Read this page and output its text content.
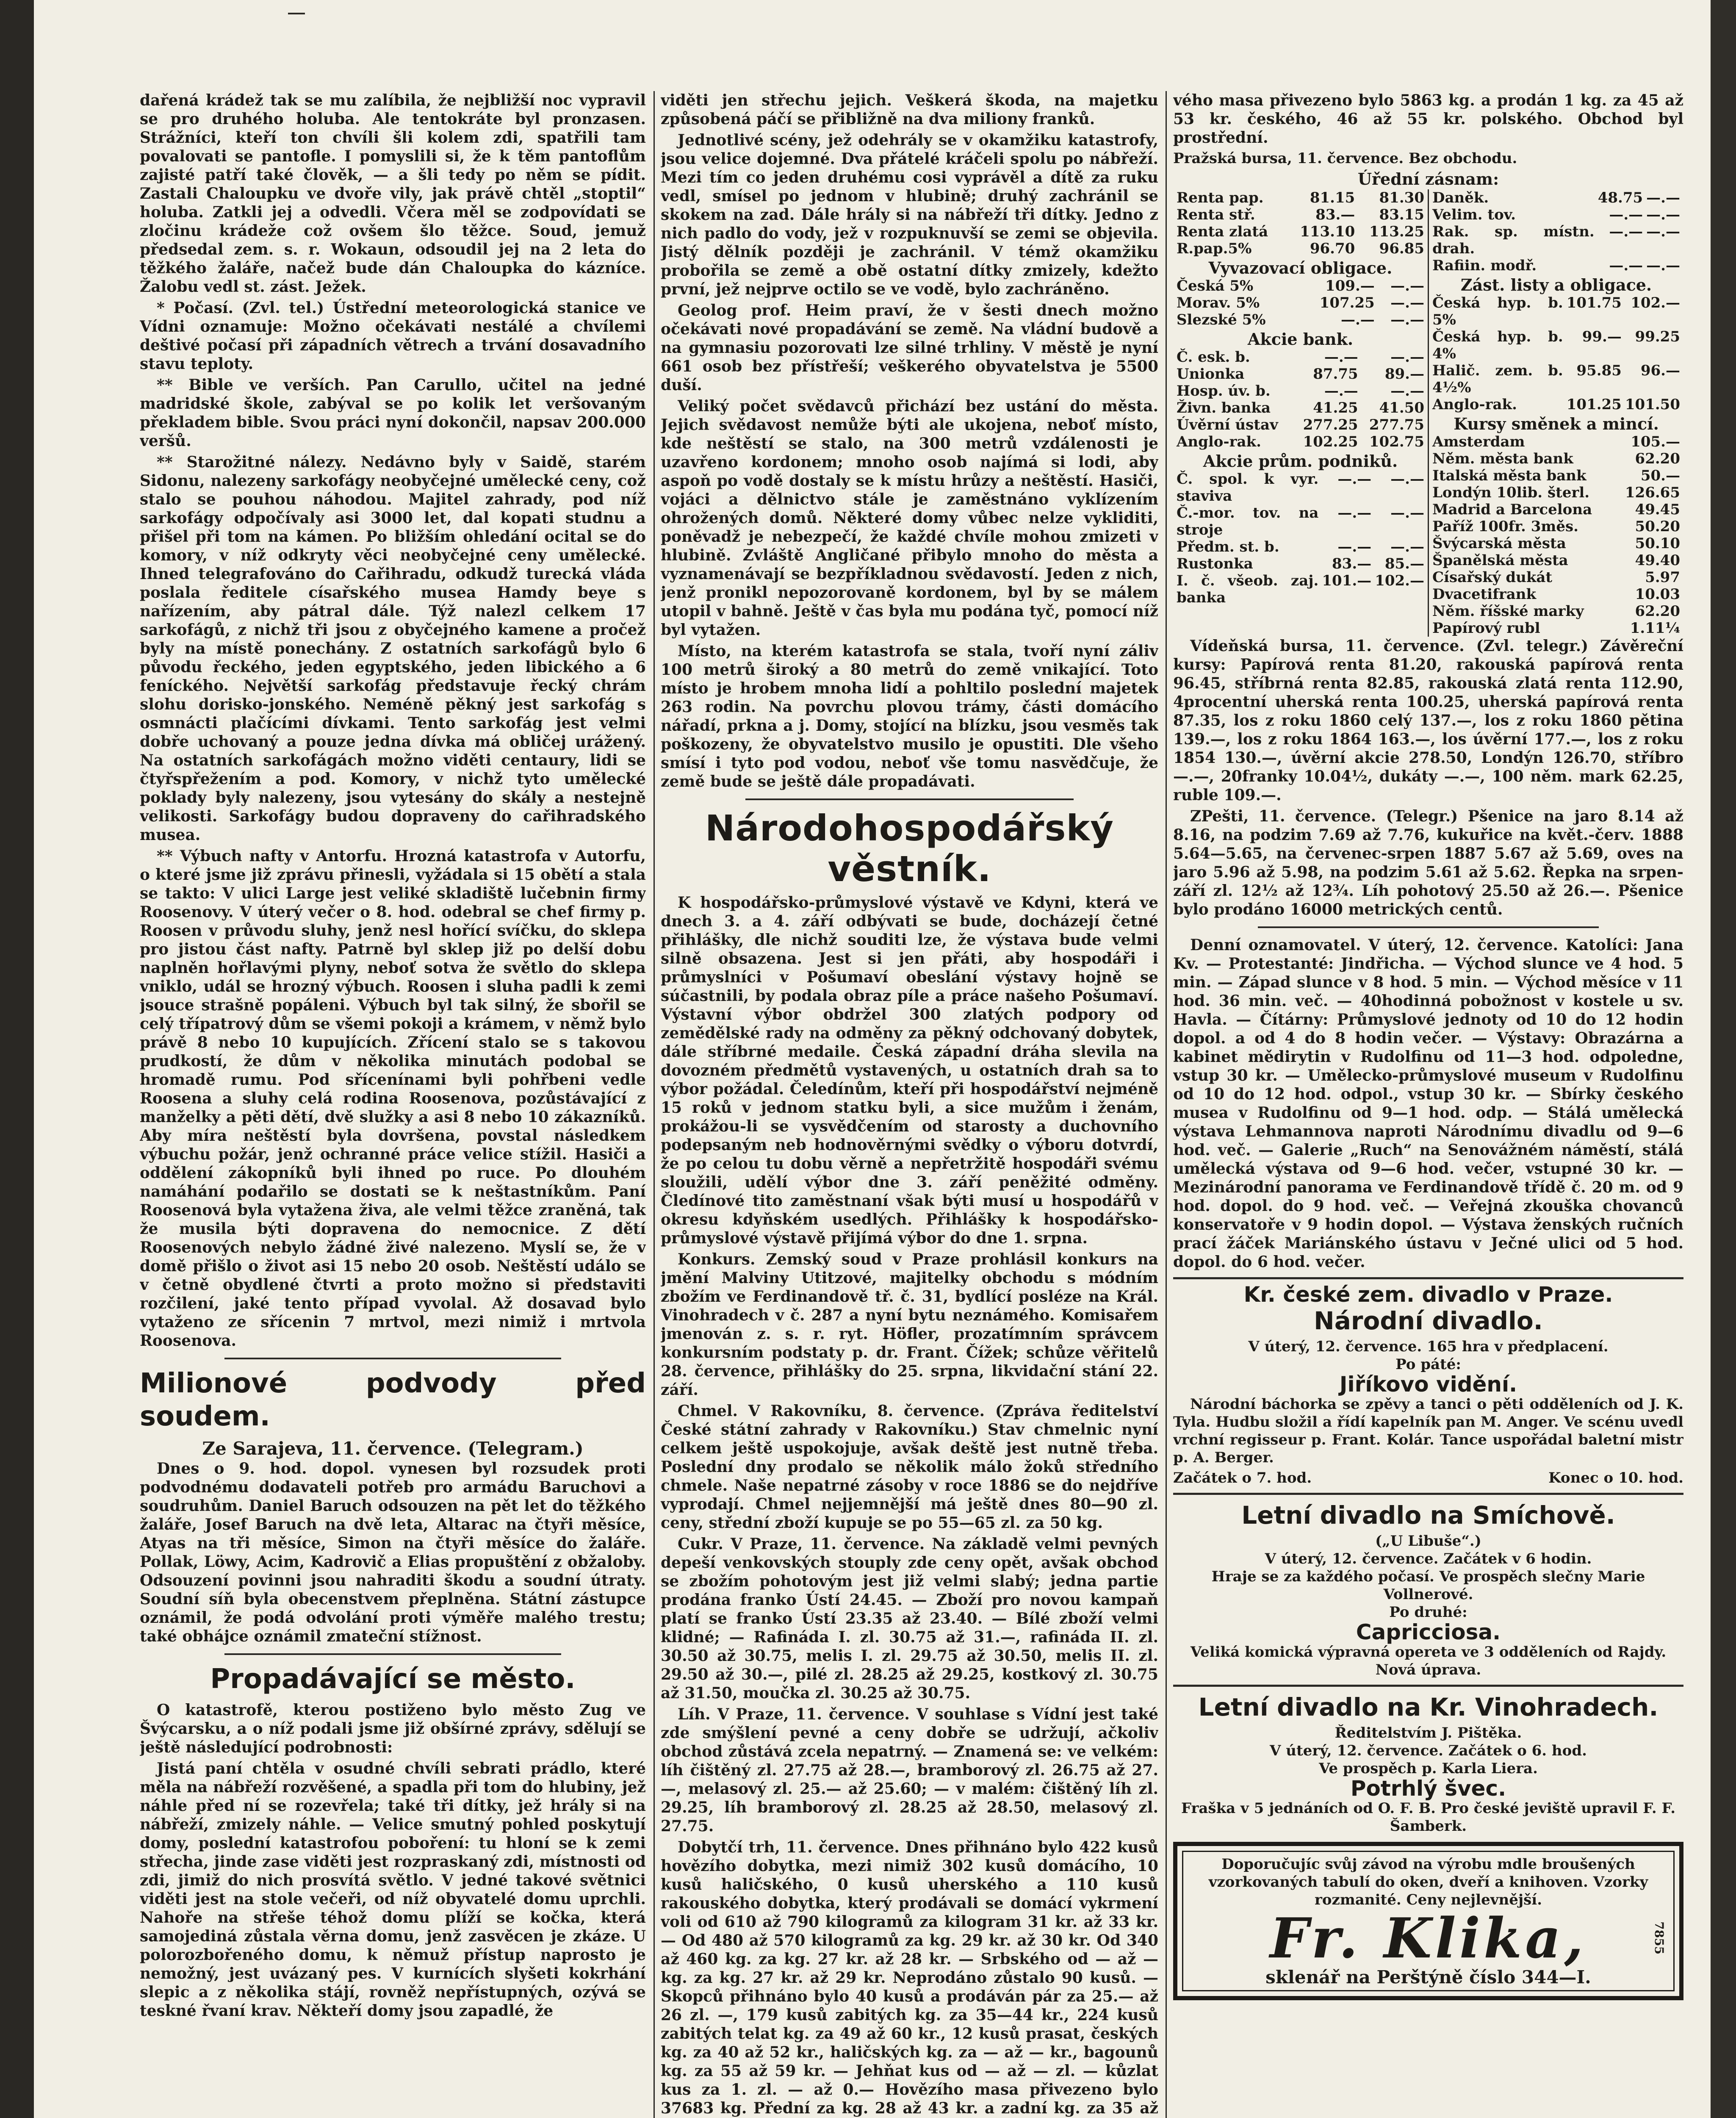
dařená krádež tak se mu zalíbila, že nejbližší noc vypravil se pro druhého holuba. Ale tentokráte byl pronzasen. Strážníci, kteří ton chvíli šli kolem zdi, spatřili tam povalovati se pantofle. I pomyslili si, že k těm pantoflům zajisté patří také člověk, — a šli tedy po něm se pídit. Zastali Chaloupku ve dvoře vily, jak právě chtěl „stoptil“ holuba. Zatkli jej a odvedli. Včera měl se zodpovídati se zločinu krádeže což ovšem šlo těžce. Soud, jemuž předsedal zem. s. r. Wokaun, odsoudil jej na 2 leta do těžkého žaláře, načež bude dán Chaloupka do kázníce. Žalobu vedl st. zást. Ježek.

* Počasí. (Zvl. tel.) Ústřední meteorologická stanice ve Vídni oznamuje: Možno očekávati nestálé a chvílemi deštivé počasí při západních větrech a trvání dosavadního stavu teploty.

** Bible ve verších. Pan Carullo, učitel na jedné madridské škole, zabýval se po kolik let veršovaným překladem bible. Svou práci nyní dokončil, napsav 200.000 veršů.

** Starožitné nálezy. Nedávno byly v Saidě, starém Sidonu, nalezeny sarkofágy neobyčejné umělecké ceny, což stalo se pouhou náhodou. Majitel zahrady, pod níž sarkofágy odpočívaly asi 3000 let, dal kopati studnu a přišel při tom na kámen. Po bližším ohledání ocital se do komory, v níž odkryty věci neobyčejné ceny umělecké. Ihned telegrafováno do Cařihradu, odkudž turecká vláda poslala ředitele císařského musea Hamdy beye s nařízením, aby pátral dále. Týž nalezl celkem 17 sarkofágů, z nichž tři jsou z obyčejného kamene a pročež byly na místě ponechány. Z ostatních sarkofágů bylo 6 původu řeckého, jeden egyptského, jeden libického a 6 feníckého. Největší sarkofág představuje řecký chrám slohu dorisko-jonského. Neméně pěkný jest sarkofág s osmnácti plačícími dívkami. Tento sarkofág jest velmi dobře uchovaný a pouze jedna dívka má obličej urážený. Na ostatních sarkofágách možno viděti centaury, lidi se čtyřspřežením a pod. Komory, v nichž tyto umělecké poklady byly nalezeny, jsou vytesány do skály a nestejně velikosti. Sarkofágy budou dopraveny do cařihradského musea.

** Výbuch nafty v Antorfu. Hrozná katastrofa v Autorfu, o které jsme již zprávu přinesli, vyžádala si 15 obětí a stala se takto: V ulici Large jest veliké skladiště lučebnin firmy Roosenovy. V úterý večer o 8. hod. odebral se chef firmy p. Roosen v průvodu sluhy, jenž nesl hořící svíčku, do sklepa pro jistou část nafty. Patrně byl sklep již po delší dobu naplněn hořlavými plyny, neboť sotva že světlo do sklepa vniklo, udál se hrozný výbuch. Roosen i sluha padli k zemi jsouce strašně popáleni. Výbuch byl tak silný, že sbořil se celý třípatrový dům se všemi pokoji a krámem, v němž bylo právě 8 nebo 10 kupujících. Zřícení stalo se s takovou prudkostí, že dům v několika minutách podobal se hromadě rumu. Pod sřícenínami byli pohřbeni vedle Roosena a sluhy celá rodina Roosenova, pozůstávající z manželky a pěti dětí, dvě služky a asi 8 nebo 10 zákazníků. Aby míra neštěstí byla dovršena, povstal následkem výbuchu požár, jenž ochranné práce velice stížil. Hasiči a oddělení zákopníků byli ihned po ruce. Po dlouhém namáhání podařilo se dostati se k neštastníkům. Paní Roosenová byla vytažena živa, ale velmi těžce zraněná, tak že musila býti dopravena do nemocnice. Z dětí Roosenových nebylo žádné živé nalezeno. Myslí se, že v domě přišlo o život asi 15 nebo 20 osob. Neštěstí událo se v četně obydlené čtvrti a proto možno si představiti rozčilení, jaké tento případ vyvolal. Až dosavad bylo vytaženo ze sřícenin 7 mrtvol, mezi nimiž i mrtvola Roosenova.

Milionové podvody před soudem.
Ze Sarajeva, 11. července. (Telegram.)

Dnes o 9. hod. dopol. vynesen byl rozsudek proti podvodnému dodavateli potřeb pro armádu Baruchovi a soudruhům. Daniel Baruch odsouzen na pět let do těžkého žaláře, Josef Baruch na dvě leta, Altarac na čtyři měsíce, Atyas na tři měsíce, Simon na čtyři měsíce do žaláře. Pollak, Löwy, Acim, Kadrovič a Elias propuštění z obžaloby. Odsouzení povinni jsou nahraditi škodu a soudní útraty. Soudní síň byla obecenstvem přeplněna. Státní zástupce oznámil, že podá odvolání proti výměře malého trestu; také obhájce oznámil zmateční stížnost.

Propadávající se město.

O katastrofě, kterou postiženo bylo město Zug ve Švýcarsku, a o níž podali jsme již obšírné zprávy, sdělují se ještě následující podrobnosti:

Jistá paní chtěla v osudné chvíli sebrati prádlo, které měla na nábřeží rozvěšené, a spadla při tom do hlubiny, jež náhle před ní se rozevřela; také tři dítky, jež hrály si na nábřeží, zmizely náhle. — Velice smutný pohled poskytují domy, poslední katastrofou poboření: tu hloní se k zemi střecha, jinde zase viděti jest rozpraskaný zdi, místnosti od zdi, jimiž do nich prosvítá světlo. V jedné takové světnici viděti jest na stole večeři, od níž obyvatelé domu uprchli. Nahoře na střeše téhož domu plíží se kočka, která samojediná zůstala věrna domu, jenž zasvěcen je zkáze. U polorozbořeného domu, k němuž přístup naprosto je nemožný, jest uvázaný pes. V kurnících slyšeti kokrhání slepic a z několika stájí, rovněž nepřístupných, ozývá se teskné řvaní krav. Někteří domy jsou zapadlé, že

viděti jen střechu jejich. Veškerá škoda, na majetku způsobená páčí se přibližně na dva miliony franků.

Jednotlivé scény, jež odehrály se v okamžiku katastrofy, jsou velice dojemné. Dva přátelé kráčeli spolu po nábřeží. Mezi tím co jeden druhému cosi vyprávěl a dítě za ruku vedl, smísel po jednom v hlubině; druhý zachránil se skokem na zad. Dále hrály si na nábřeží tři dítky. Jedno z nich padlo do vody, jež v rozpuknuvší se zemi se objevila. Jistý dělník později je zachránil. V témž okamžiku probořila se země a obě ostatní dítky zmizely, kdežto první, jež nejprve octilo se ve vodě, bylo zachráněno.

Geolog prof. Heim praví, že v šesti dnech možno očekávati nové propadávání se země. Na vládní budově a na gymnasiu pozorovati lze silné trhliny. V městě je nyní 661 osob bez přístřeší; veškerého obyvatelstva je 5500 duší.

Veliký počet svědavců přichází bez ustání do města. Jejich svědavost nemůže býti ale ukojena, neboť místo, kde neštěstí se stalo, na 300 metrů vzdálenosti je uzavřeno kordonem; mnoho osob najímá si lodi, aby aspoň po vodě dostaly se k místu hrůzy a neštěstí. Hasiči, vojáci a dělnictvo stále je zaměstnáno vyklízením ohrožených domů. Některé domy vůbec nelze vykliditi, poněvadž je nebezpečí, že každé chvíle mohou zmizeti v hlubině. Zvláště Angličané přibylo mnoho do města a vyznamenávají se bezpříkladnou svědavostí. Jeden z nich, jenž pronikl nepozorovaně kordonem, byl by se málem utopil v bahně. Ještě v čas byla mu podána tyč, pomocí níž byl vytažen.

Místo, na kterém katastrofa se stala, tvoří nyní záliv 100 metrů široký a 80 metrů do země vnikající. Toto místo je hrobem mnoha lidí a pohltilo poslední majetek 263 rodin. Na povrchu plovou trámy, části domácího nářadí, prkna a j. Domy, stojící na blízku, jsou vesměs tak poškozeny, že obyvatelstvo musilo je opustiti. Dle všeho smísí i tyto pod vodou, neboť vše tomu nasvědčuje, že země bude se ještě dále propadávati.

Národohospodářský věstník.

K hospodářsko-průmyslové výstavě ve Kdyni, která ve dnech 3. a 4. září odbývati se bude, docházejí četné přihlášky, dle nichž souditi lze, že výstava bude velmi silně obsazena. Jest si jen přáti, aby hospodáři i průmyslníci v Pošumaví obeslání výstavy hojně se súčastnili, by podala obraz píle a práce našeho Pošumaví. Výstavní výbor obdržel 300 zlatých podpory od zemědělské rady na odměny za pěkný odchovaný dobytek, dále stříbrné medaile. Česká západní dráha slevila na dovozném předmětů vystavených, u ostatních drah sa to výbor požádal. Čeledínům, kteří při hospodářství nejméně 15 roků v jednom statku byli, a sice mužům i ženám, prokážou-li se vysvědčením od starosty a duchovního podepsaným neb hodnověrnými svědky o výboru dotvrdí, že po celou tu dobu věrně a nepřetržitě hospodáři svému sloužili, udělí výbor dne 3. září peněžité odměny. Čledínové tito zaměstnaní však býti musí u hospodářů v okresu kdyňském usedlých. Přihlášky k hospodářsko-průmyslové výstavě přijímá výbor do dne 1. srpna.

Konkurs. Zemský soud v Praze prohlásil konkurs na jmění Malviny Utitzové, majitelky obchodu s módním zbožím ve Ferdinandově tř. č. 31, bydlící posléze na Král. Vinohradech v č. 287 a nyní bytu neznámého. Komisařem jmenován z. s. r. ryt. Höfler, prozatímním správcem konkursním podstaty p. dr. Frant. Čížek; schůze věřitelů 28. července, přihlášky do 25. srpna, likvidační stání 22. září.

Chmel. V Rakovníku, 8. července. (Zpráva ředitelství České státní zahrady v Rakovníku.) Stav chmelnic nyní celkem ještě uspokojuje, avšak deště jest nutně třeba. Poslední dny prodalo se několik málo žoků středního chmele. Naše nepatrné zásoby v roce 1886 se do nejdříve vyprodají. Chmel nejjemnější má ještě dnes 80—90 zl. ceny, střední zboží kupuje se po 55—65 zl. za 50 kg.

Cukr. V Praze, 11. července. Na základě velmi pevných depeší venkovských stouply zde ceny opět, avšak obchod se zbožím pohotovým jest již velmi slabý; jedna partie prodána franko Ústí 24.45. — Zboží pro novou kampaň platí se franko Ústí 23.35 až 23.40. — Bílé zboží velmi klidné; — Rafináda I. zl. 30.75 až 31.—, rafináda II. zl. 30.50 až 30.75, melis I. zl. 29.75 až 30.50, melis II. zl. 29.50 až 30.—, pilé zl. 28.25 až 29.25, kostkový zl. 30.75 až 31.50, moučka zl. 30.25 až 30.75.

Líh. V Praze, 11. července. V souhlase s Vídní jest také zde smýšlení pevné a ceny dobře se udržují, ačkoliv obchod zůstává zcela nepatrný. — Znamená se: ve velkém: líh čištěný zl. 27.75 až 28.—, bramborový zl. 26.75 až 27.—, melasový zl. 25.— až 25.60; — v malém: čištěný líh zl. 29.25, líh bramborový zl. 28.25 až 28.50, melasový zl. 27.75.

Dobytčí trh, 11. července. Dnes přihnáno bylo 422 kusů hovězího dobytka, mezi nimiž 302 kusů domácího, 10 kusů haličského, 0 kusů uherského a 110 kusů rakouského dobytka, který prodávali se domácí vykrmení voli od 610 až 790 kilogramů za kilogram 31 kr. až 33 kr. — Od 480 až 570 kilogramů za kg. 29 kr. až 30 kr. Od 340 až 460 kg. za kg. 27 kr. až 28 kr. — Srbského od — až — kg. za kg. 27 kr. až 29 kr. Neprodáno zůstalo 90 kusů. — Skopců přihnáno bylo 40 kusů a prodáván pár za 25.— až 26 zl. —, 179 kusů zabitých kg. za 35—44 kr., 224 kusů zabitých telat kg. za 49 až 60 kr., 12 kusů prasat, českých kg. za 40 až 52 kr., haličských kg. za — až — kr., bagounů kg. za 55 až 59 kr. — Jehňat kus od — až — zl. — kůzlat kus za 1. zl. — až 0.— Hovězího masa přivezeno bylo 37683 kg. Přední za kg. 28 až 43 kr. a zadní kg. za 35 až

vého masa přivezeno bylo 5863 kg. a prodán 1 kg. za 45 až 53 kr. českého, 46 až 55 kr. polského. Obchod byl prostřední.

Pražská bursa, 11. července. Bez obchodu.
Úřední zásnam:
Renta pap.	81.15	81.30
Renta stř.	83.—	83.15
Renta zlatá	113.10	113.25
R.pap.5%	96.70	96.85
Vyvazovací obligace.
Česká 5%	109.—	—.—
Morav. 5%	107.25	—.—
Slezské 5%	—.—	—.—
Akcie bank.
Č. esk. b.	—.—	—.—
Unionka	87.75	89.—
Hosp. úv. b.	—.—	—.—
Živn. banka	41.25	41.50
Úvěrní ústav	277.25	277.75
Anglo-rak.	102.25	102.75
Akcie prům. podniků.
Č. spol. k vyr. staviva	—.—	—.—
Č.-mor. tov. na stroje	—.—	—.—
Předm. st. b.	—.—	—.—
Rustonka	83.—	85.—
I. č. všeob. zaj. banka	101.—	102.—

Daněk.	48.75	—.—
Velim. tov.	—.—	—.—
Rak. sp. místn. drah.	—.—	—.—
Rafiin. modř.	—.—	—.—
Zást. listy a obligace.
Česká hyp. b. 5%	101.75	102.—
Česká hyp. b. 4%	99.—	99.25
Halič. zem. b. 4½%	95.85	96.—
Anglo-rak.	101.25	101.50
Kursy směnek a mincí.
Amsterdam	105.—
Něm. města bank	62.20
Italská města bank	50.—
Londýn 10lib. šterl.	126.65
Madrid a Barcelona	49.45
Paříž 100fr. 3měs.	50.20
Švýcarská města	50.10
Španělská města	49.40
Císařský dukát	5.97
Dvacetifrank	10.03
Něm. říšské marky	62.20
Papírový rubl	1.11¼

Vídeňská bursa, 11. července. (Zvl. telegr.) Závěreční kursy: Papírová renta 81.20, rakouská papírová renta 96.45, stříbrná renta 82.85, rakouská zlatá renta 112.90, 4procentní uherská renta 100.25, uherská papírová renta 87.35, los z roku 1860 celý 137.—, los z roku 1860 pětina 139.—, los z roku 1864 163.—, los úvěrní 177.—, los z roku 1854 130.—, úvěrní akcie 278.50, Londýn 126.70, stříbro —.—, 20franky 10.04½, dukáty —.—, 100 něm. mark 62.25, ruble 109.—.

ZPešti, 11. července. (Telegr.) Pšenice na jaro 8.14 až 8.16, na podzim 7.69 až 7.76, kukuřice na květ.-červ. 1888 5.64—5.65, na červenec-srpen 1887 5.67 až 5.69, oves na jaro 5.96 až 5.98, na podzim 5.61 až 5.62. Řepka na srpen-září zl. 12½ až 12¾. Líh pohotový 25.50 až 26.—. Pšenice bylo prodáno 16000 metrických centů.

Denní oznamovatel. V úterý, 12. července. Katolíci: Jana Kv. — Protestanté: Jindřicha. — Východ slunce ve 4 hod. 5 min. — Západ slunce v 8 hod. 5 min. — Východ měsíce v 11 hod. 36 min. več. — 40hodinná pobožnost v kostele u sv. Havla. — Čítárny: Průmyslové jednoty od 10 do 12 hodin dopol. a od 4 do 8 hodin večer. — Výstavy: Obrazárna a kabinet mědirytin v Rudolfinu od 11—3 hod. odpoledne, vstup 30 kr. — Umělecko-průmyslové museum v Rudolfinu od 10 do 12 hod. odpol., vstup 30 kr. — Sbírky českého musea v Rudolfinu od 9—1 hod. odp. — Stálá umělecká výstava Lehmannova naproti Národnímu divadlu od 9—6 hod. več. — Galerie „Ruch“ na Senovážném náměstí, stálá umělecká výstava od 9—6 hod. večer, vstupné 30 kr. — Mezinárodní panorama ve Ferdinandově třídě č. 20 m. od 9 hod. dopol. do 9 hod. več. — Veřejná zkouška chovanců konservatoře v 9 hodin dopol. — Výstava ženských ručních prací žáček Mariánského ústavu v Ječné ulici od 5 hod. dopol. do 6 hod. večer.

Kr. české zem. divadlo v Praze.
Národní divadlo.
V úterý, 12. července. 165 hra v předplacení.
Po páté:
Jiříkovo vidění.

Národní báchorka se zpěvy a tanci o pěti odděleních od J. K. Tyla. Hudbu složil a řídí kapelník pan M. Anger. Ve scénu uvedl vrchní regisseur p. Frant. Kolár. Tance uspořádal baletní mistr p. A. Berger.

Začátek o 7. hod.	Konec o 10. hod.
Letní divadlo na Smíchově.
(„U Libuše“.)
V úterý, 12. července. Začátek v 6 hodin.
Hraje se za každého počasí. Ve prospěch slečny Marie Vollnerové.
Po druhé:
Capricciosa.
Veliká komická výpravná opereta ve 3 odděleních od Rajdy.
Nová úprava.
Letní divadlo na Kr. Vinohradech.
Ředitelstvím J. Pištěka.
V úterý, 12. července. Začátek o 6. hod.
Ve prospěch p. Karla Liera.
Potrhlý švec.
Fraška v 5 jednáních od O. F. B. Pro české jeviště upravil F. F. Šamberk.
Doporučujíc svůj závod na výrobu mdle broušených vzorkovaných tabulí do oken, dveří a knihoven. Vzorky rozmanité. Ceny nejlevnější.
Fr. Klika,	7855
sklenář na Perštýně číslo 344—I.
